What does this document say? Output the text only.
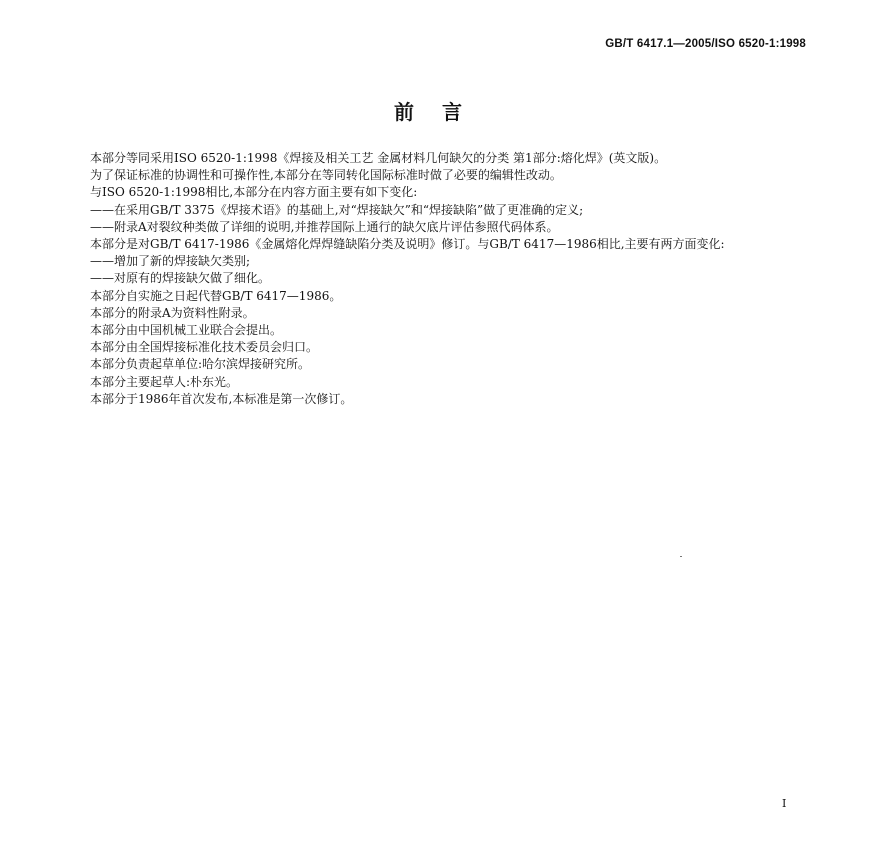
GB/T 6417.1—2005/ISO 6520-1:1998
前言

本部分等同采用ISO 6520-1:1998《焊接及相关工艺 金属材料几何缺欠的分类 第1部分:熔化焊》(英文版)。

为了保证标准的协调性和可操作性,本部分在等同转化国际标准时做了必要的编辑性改动。

与ISO 6520-1:1998相比,本部分在内容方面主要有如下变化:

——在采用GB/T 3375《焊接术语》的基础上,对“焊接缺欠”和“焊接缺陷”做了更准确的定义;

——附录A对裂纹种类做了详细的说明,并推荐国际上通行的缺欠底片评估参照代码体系。

本部分是对GB/T 6417-1986《金属熔化焊焊缝缺陷分类及说明》修订。与GB/T 6417—1986相比,主要有两方面变化:

——增加了新的焊接缺欠类别;

——对原有的焊接缺欠做了细化。

本部分自实施之日起代替GB/T 6417—1986。

本部分的附录A为资料性附录。

本部分由中国机械工业联合会提出。

本部分由全国焊接标准化技术委员会归口。

本部分负责起草单位:哈尔滨焊接研究所。

本部分主要起草人:朴东光。

本部分于1986年首次发布,本标准是第一次修订。

I
